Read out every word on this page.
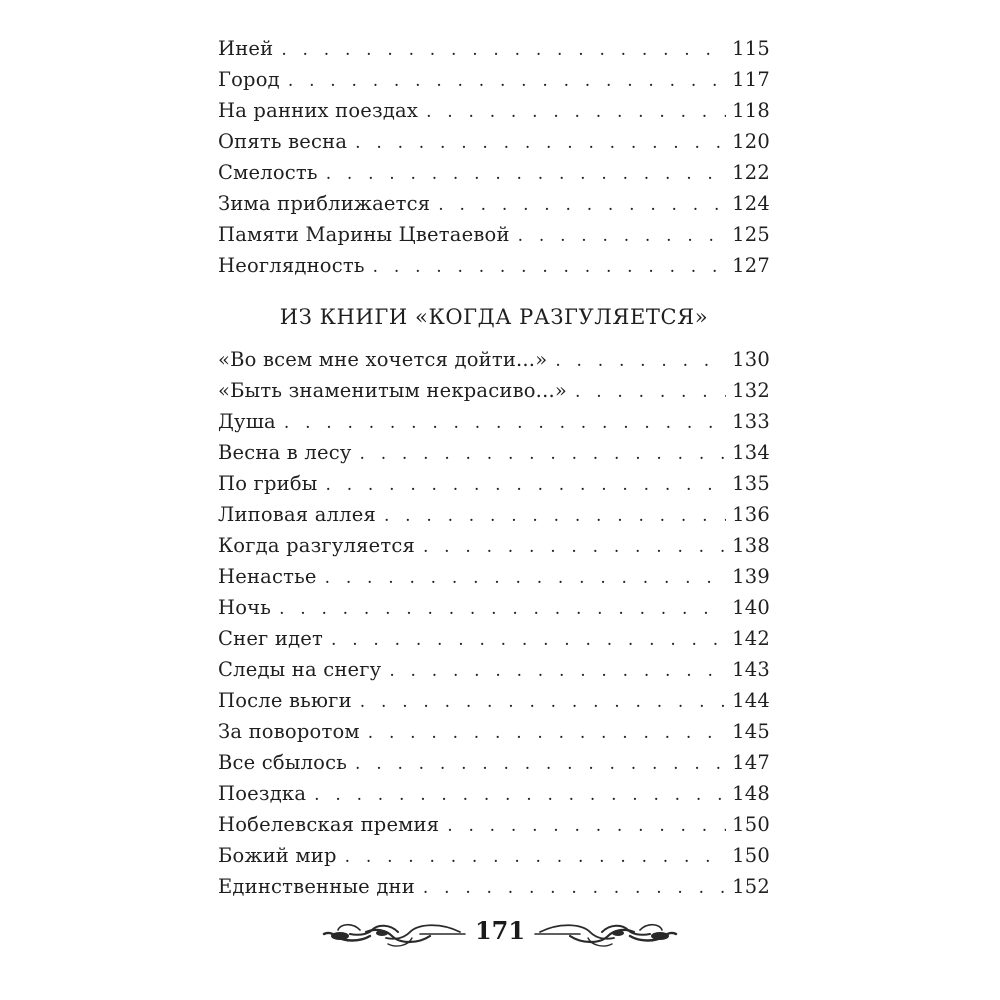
Иней . . .	115
Город . . .	117
На ранних поездах . . .	118
Опять весна . . .	120
Смелость . . .	122
Зима приближается . . .	124
Памяти Марины Цветаевой . . .	125
Неоглядность . . .	127
ИЗ КНИГИ «КОГДА РАЗГУЛЯЕТСЯ»
«Во всем мне хочется дойти...» . . .	130
«Быть знаменитым некрасиво...» . . .	132
Душа . . .	133
Весна в лесу . . .	134
По грибы . . .	135
Липовая аллея . . .	136
Когда разгуляется . . .	138
Ненастье . . .	139
Ночь . . .	140
Снег идет . . .	142
Следы на снегу . . .	143
После вьюги . . .	144
За поворотом . . .	145
Все сбылось . . .	147
Поездка . . .	148
Нобелевская премия . . .	150
Божий мир . . .	150
Единственные дни . . .	152
171
